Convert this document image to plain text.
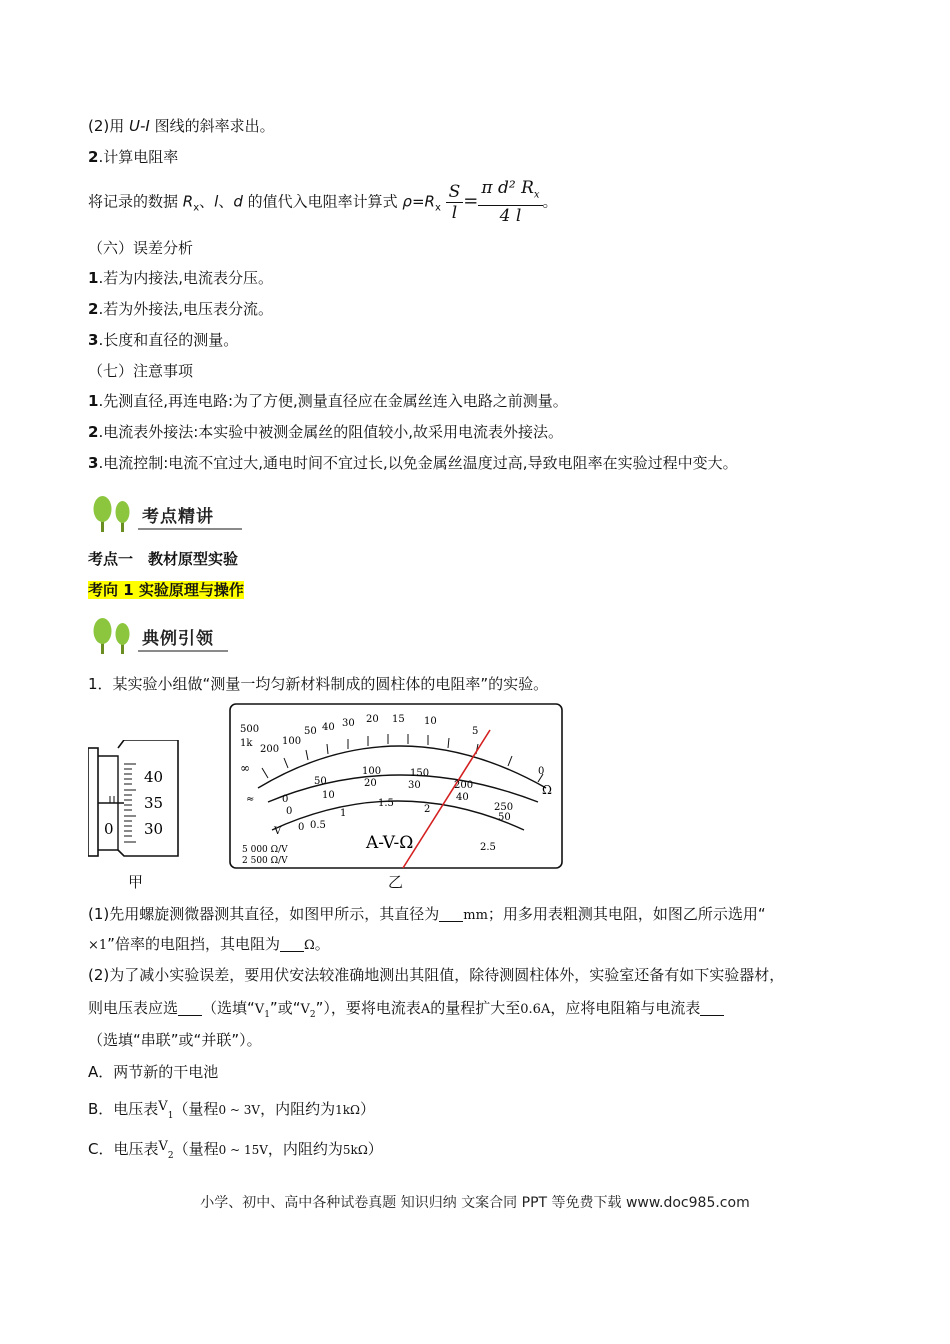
(2)用 U-I 图线的斜率求出。
2.计算电阻率
将记录的数据 $R_x$、l、d 的值代入电阻率计算式 $\rho=R_x \frac{S}{l} = \frac{\pi d^2 R_x}{4 l}$ 。
（六）误差分析
1.若为内接法,电流表分压。
2.若为外接法,电压表分流。
3.长度和直径的测量。
（七）注意事项
1.先测直径,再连电路:为了方便,测量直径应在金属丝连入电路之前测量。
2.电流表外接法:本实验中被测金属丝的阻值较小,故采用电流表外接法。
3.电流控制:电流不宜过大,通电时间不宜过长,以免金属丝温度过高,导致电阻率在实验过程中变大。
考点精讲
考点一　教材原型实验
考向 1 实验原理与操作
典例引领
1．某实验小组做“测量一均匀新材料制成的圆柱体的电阻率”的实验。
40
35
30
0
甲
500
1k
200
100
50 40 30 20 15 10
5
0
∞
Ω
≈	0
50
100	150
200
250
0
10
20	30
40
50
0 0.5
1
1.5
2
2.5
V
A-V-Ω
5 000 Ω/V
2 500 Ω/V
乙
(1)先用螺旋测微器测其直径，如图甲所示，其直径为 mm；用多用表粗测其电阻，如图乙所示选用“
×1”倍率的电阻挡，其电阻为 Ω。
(2)为了减小实验误差，要用伏安法较准确地测出其阻值，除待测圆柱体外，实验室还备有如下实验器材，
则电压表应选 （选填“$V_1$”或“$V_2$”），要将电流表A的量程扩大至0.6A，应将电阻箱与电流表
（选填“串联”或“并联”）。
A．两节新的干电池
B．电压表$V_1$（量程0 ~ 3V，内阻约为1kΩ）
C．电压表$V_2$（量程0 ~ 15V，内阻约为5kΩ）
小学、初中、高中各种试卷真题 知识归纳 文案合同 PPT 等免费下载 www.doc985.com
